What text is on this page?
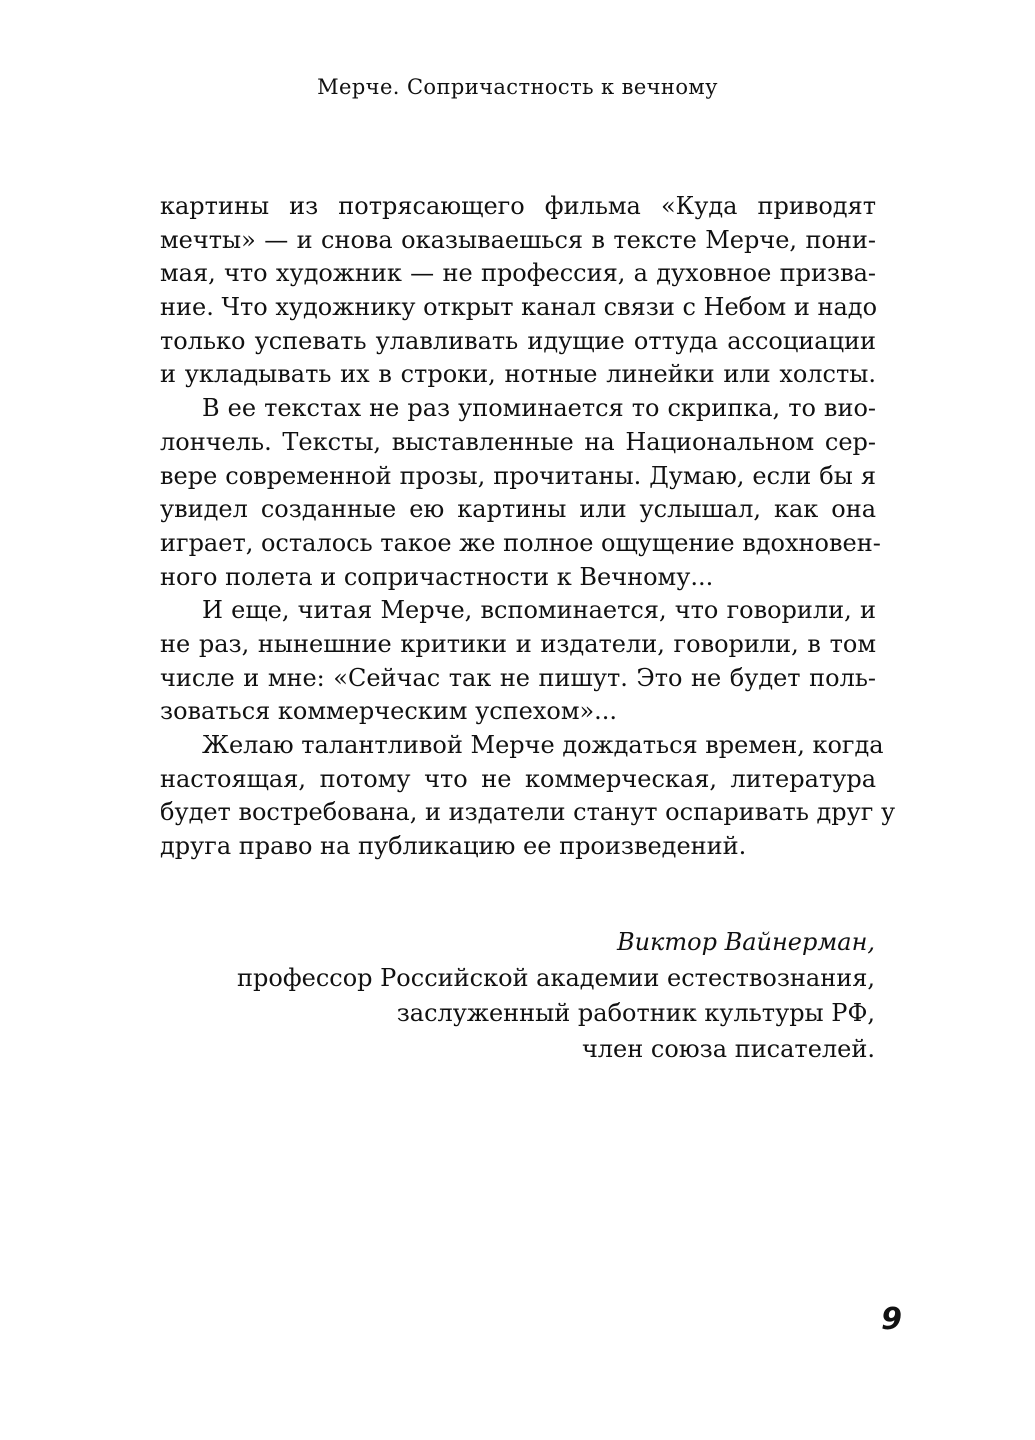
Мерче. Сопричастность к вечному
картины из потрясающего фильма «Куда приводят
мечты» — и снова оказываешься в тексте Мерче, пони-
мая, что художник — не профессия, а духовное призва-
ние. Что художнику открыт канал связи с Небом и надо
только успевать улавливать идущие оттуда ассоциации
и укладывать их в строки, нотные линейки или холсты.
В ее текстах не раз упоминается то скрипка, то вио-
лончель. Тексты, выставленные на Национальном сер-
вере современной прозы, прочитаны. Думаю, если бы я
увидел созданные ею картины или услышал, как она
играет, осталось такое же полное ощущение вдохновен-
ного полета и сопричастности к Вечному...
И еще, читая Мерче, вспоминается, что говорили, и
не раз, нынешние критики и издатели, говорили, в том
числе и мне: «Сейчас так не пишут. Это не будет поль-
зоваться коммерческим успехом»...
Желаю талантливой Мерче дождаться времен, когда
настоящая, потому что не коммерческая, литература
будет востребована, и издатели станут оспаривать друг у
друга право на публикацию ее произведений.
Виктор Вайнерман,
профессор Российской академии естествознания,
заслуженный работник культуры РФ,
член союза писателей.
9
